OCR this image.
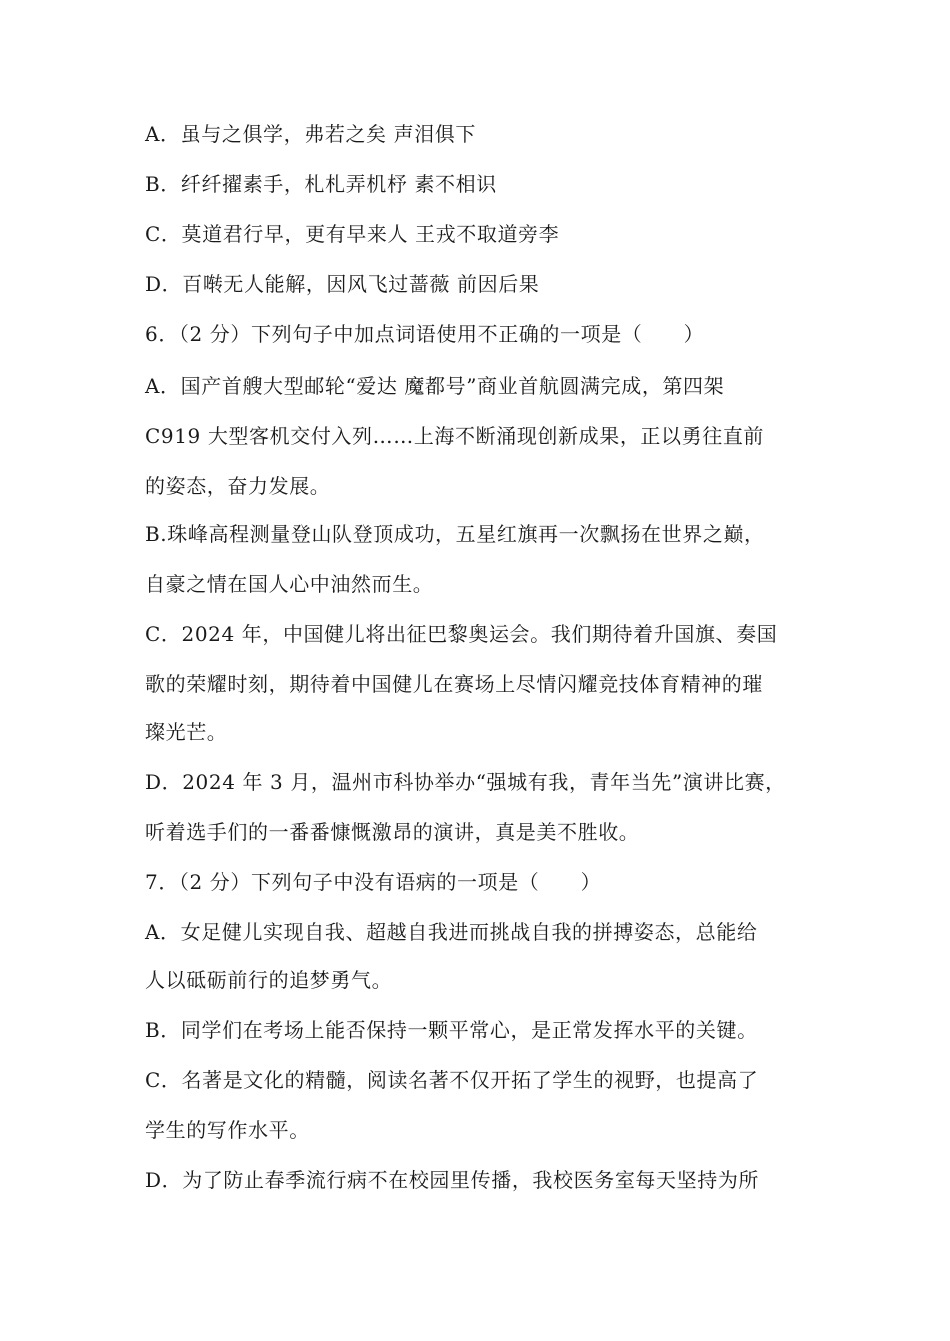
A．虽与之俱学，弗若之矣 声泪俱下
B．纤纤擢素手，札札弄机杼 素不相识
C．莫道君行早，更有早来人 王戎不取道旁李
D．百啭无人能解，因风飞过蔷薇 前因后果
6．（2 分）下列句子中加点词语使用不正确的一项是（　　）
A．国产首艘大型邮轮“爱达 魔都号”商业首航圆满完成，第四架
C919 大型客机交付入列……上海不断涌现创新成果，正以勇往直前
的姿态，奋力发展。
B.珠峰高程测量登山队登顶成功，五星红旗再一次飘扬在世界之巅，
自豪之情在国人心中油然而生。
C．2024 年，中国健儿将出征巴黎奥运会。我们期待着升国旗、奏国
歌的荣耀时刻，期待着中国健儿在赛场上尽情闪耀竞技体育精神的璀
璨光芒。
D．2024 年 3 月，温州市科协举办“强城有我，青年当先”演讲比赛，
听着选手们的一番番慷慨激昂的演讲，真是美不胜收。
7．（2 分）下列句子中没有语病的一项是（　　）
A．女足健儿实现自我、超越自我进而挑战自我的拼搏姿态，总能给
人以砥砺前行的追梦勇气。
B．同学们在考场上能否保持一颗平常心，是正常发挥水平的关键。
C．名著是文化的精髓，阅读名著不仅开拓了学生的视野，也提高了
学生的写作水平。
D．为了防止春季流行病不在校园里传播，我校医务室每天坚持为所
